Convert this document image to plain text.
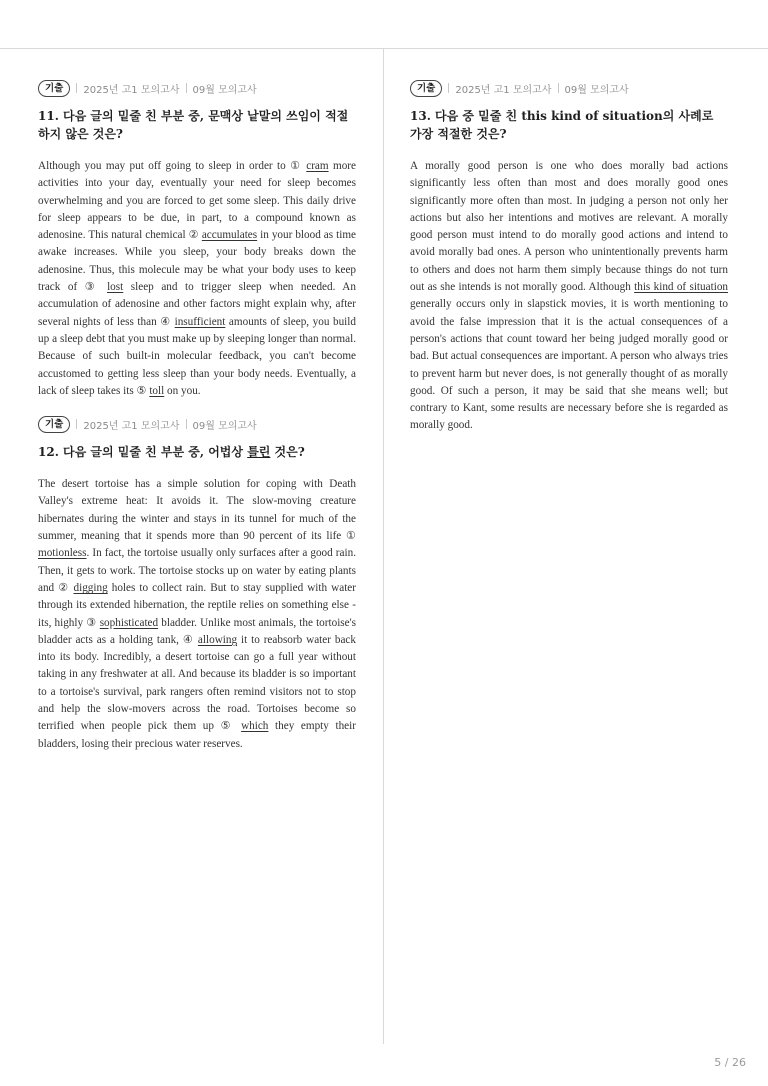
기출	2025년 고1 모의고사 09월 모의고사
11. 다음 글의 밑줄 친 부분 중, 문맥상 낱말의 쓰임이 적절하지 않은 것은?

Although you may put off going to sleep in order to ① cram more activities into your day, eventually your need for sleep becomes overwhelming and you are forced to get some sleep. This daily drive for sleep appears to be due, in part, to a compound known as adenosine. This natural chemical ② accumulates in your blood as time awake increases. While you sleep, your body breaks down the adenosine. Thus, this molecule may be what your body uses to keep track of ③ lost sleep and to trigger sleep when needed. An accumulation of adenosine and other factors might explain why, after several nights of less than ④ insufficient amounts of sleep, you build up a sleep debt that you must make up by sleeping longer than normal. Because of such built-in molecular feedback, you can't become accustomed to getting less sleep than your body needs. Eventually, a lack of sleep takes its ⑤ toll on you.

기출	2025년 고1 모의고사 09월 모의고사
12. 다음 글의 밑줄 친 부분 중, 어법상 틀린 것은?

The desert tortoise has a simple solution for coping with Death Valley's extreme heat: It avoids it. The slow-moving creature hibernates during the winter and stays in its tunnel for much of the summer, meaning that it spends more than 90 percent of its life ① motionless. In fact, the tortoise usually only surfaces after a good rain. Then, it gets to work. The tortoise stocks up on water by eating plants and ② digging holes to collect rain. But to stay supplied with water through its extended hibernation, the reptile relies on something else - its, highly ③ sophisticated bladder. Unlike most animals, the tortoise's bladder acts as a holding tank, ④ allowing it to reabsorb water back into its body. Incredibly, a desert tortoise can go a full year without taking in any freshwater at all. And because its bladder is so important to a tortoise's survival, park rangers often remind visitors not to stop and help the slow-movers across the road. Tortoises become so terrified when people pick them up ⑤ which they empty their bladders, losing their precious water reserves.

기출	2025년 고1 모의고사 09월 모의고사
13. 다음 중 밑줄 친 this kind of situation의 사례로 가장 적절한 것은?

A morally good person is one who does morally bad actions significantly less often than most and does morally good ones significantly more often than most. In judging a person not only her actions but also her intentions and motives are relevant. A morally good person must intend to do morally good actions and intend to avoid morally bad ones. A person who unintentionally prevents harm to others and does not harm them simply because things do not turn out as she intends is not morally good. Although this kind of situation generally occurs only in slapstick movies, it is worth mentioning to avoid the false impression that it is the actual consequences of a person's actions that count toward her being judged morally good or bad. But actual consequences are important. A person who always tries to prevent harm but never does, is not generally thought of as morally good. Of such a person, it may be said that she means well; but contrary to Kant, some results are necessary before she is regarded as morally good.

5 / 26
